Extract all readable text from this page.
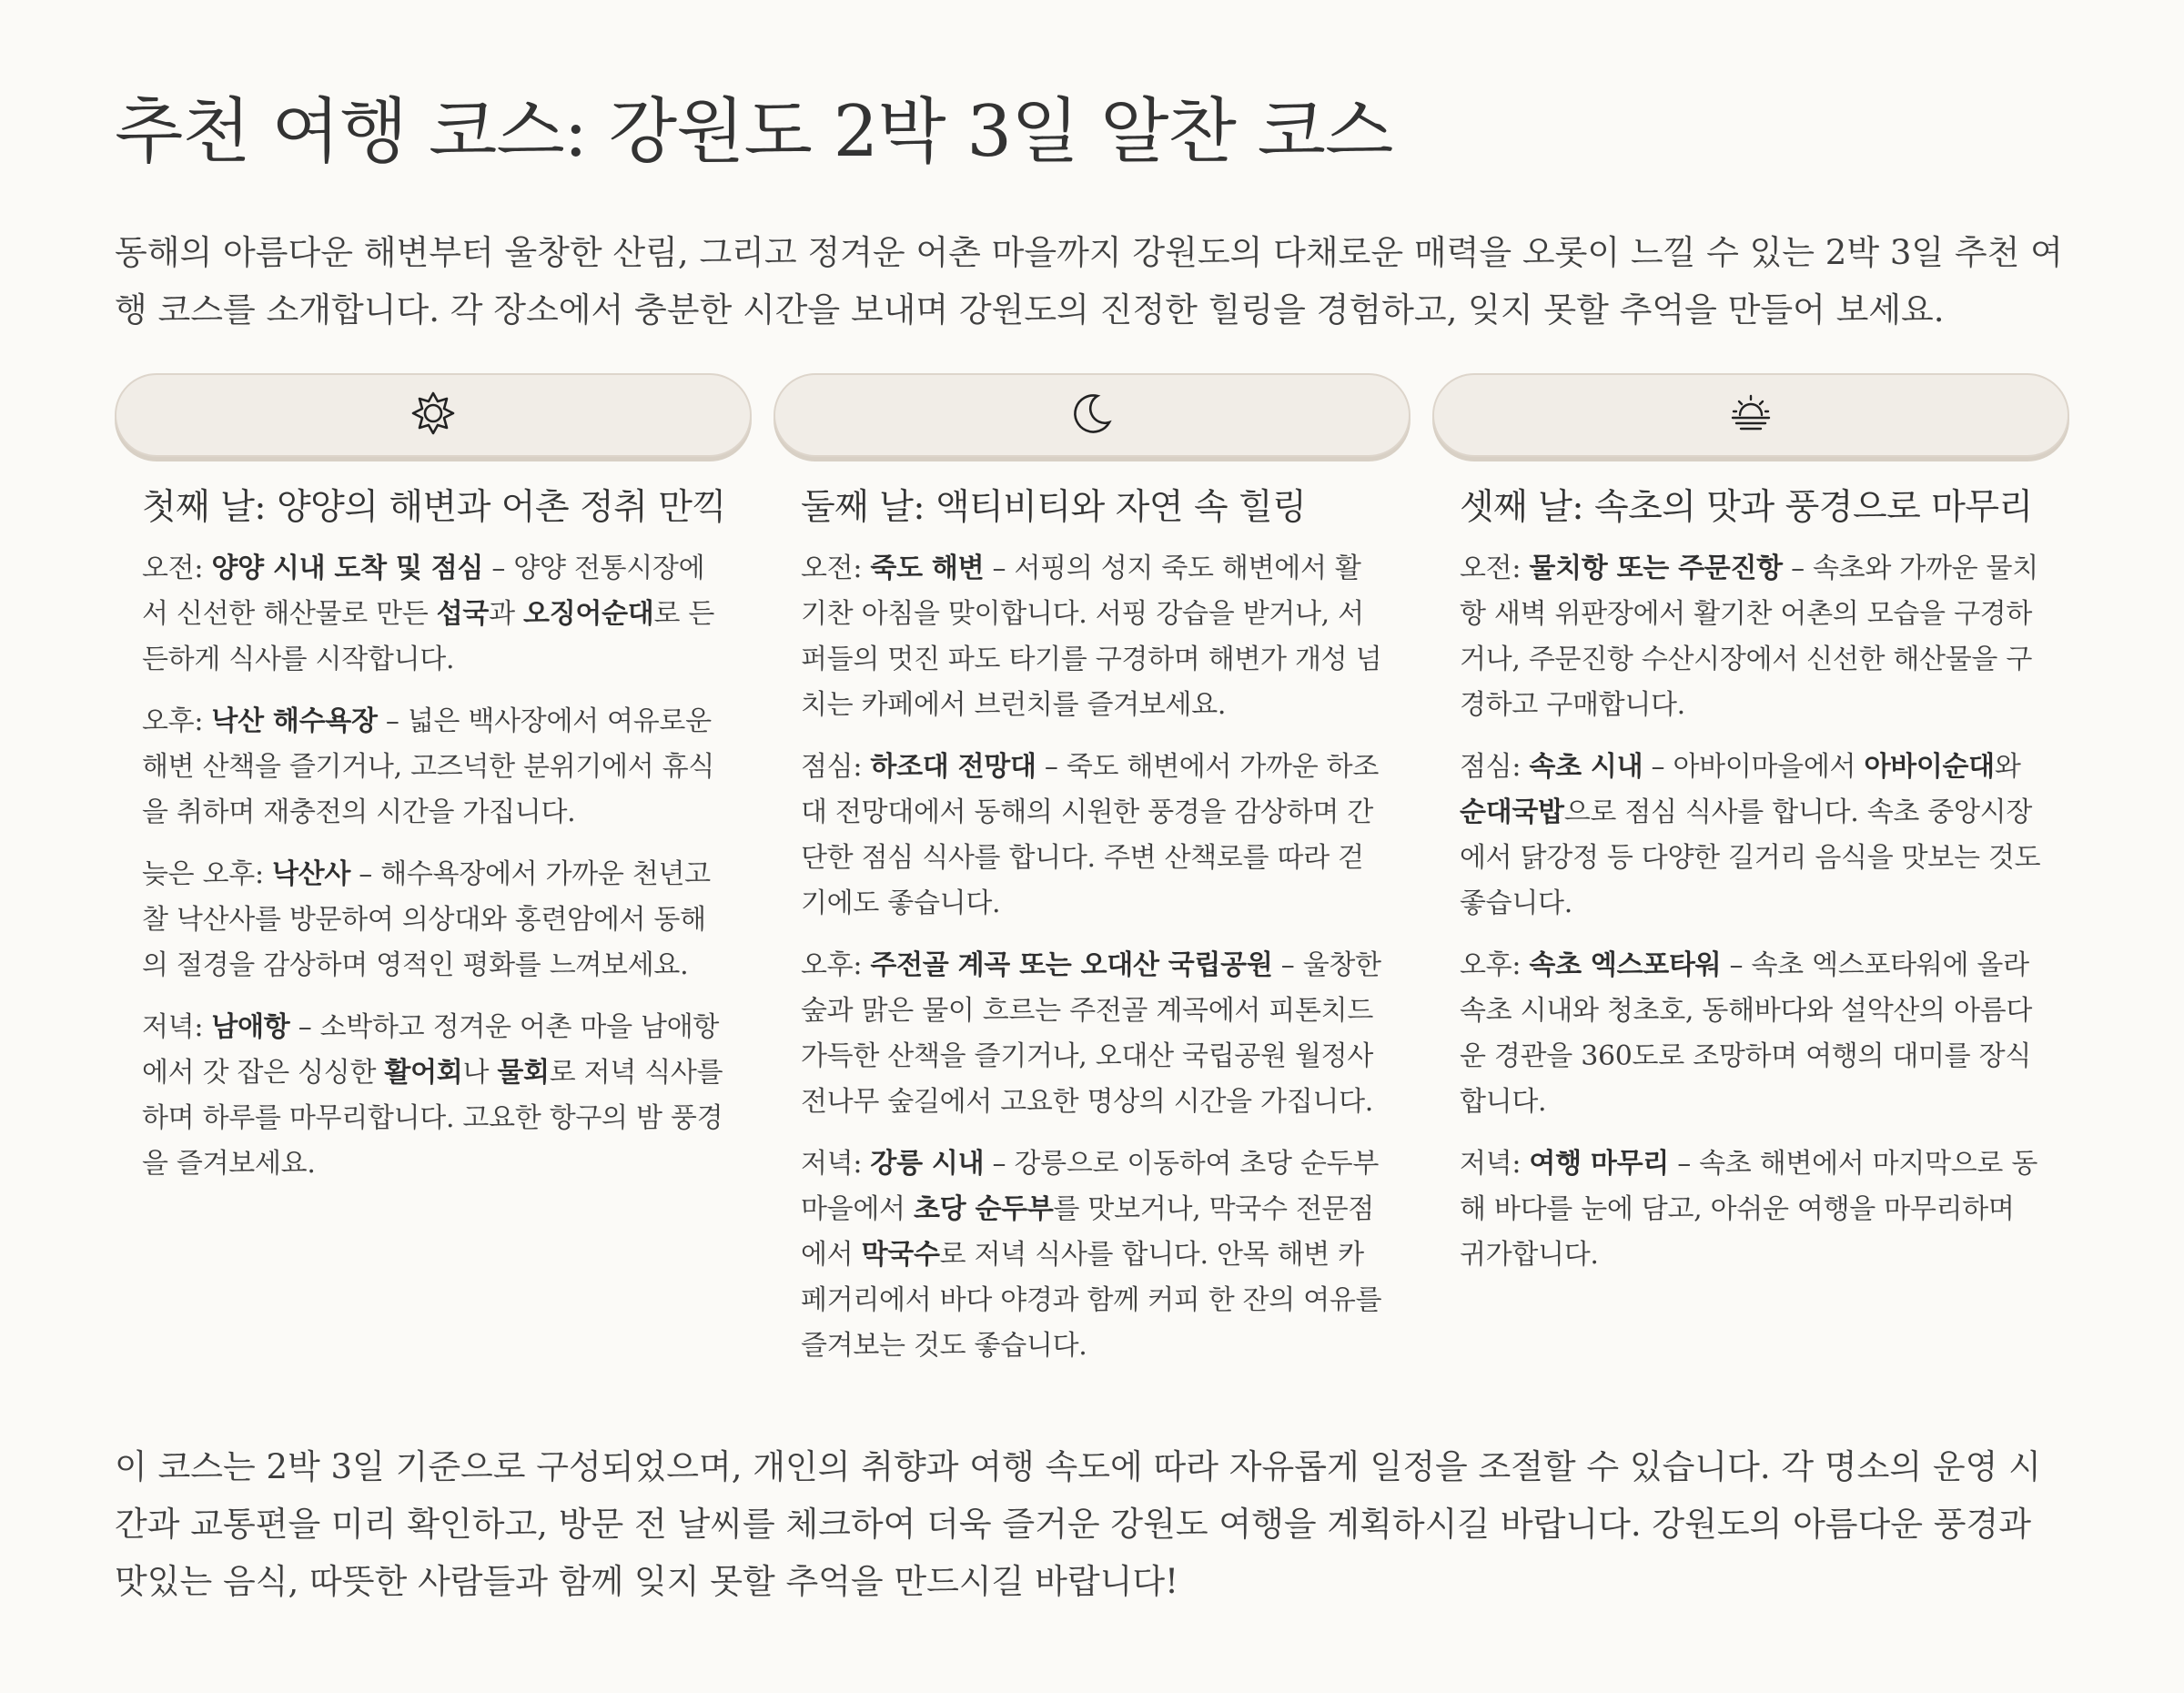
추천 여행 코스: 강원도 2박 3일 알찬 코스

동해의 아름다운 해변부터 울창한 산림, 그리고 정겨운 어촌 마을까지 강원도의 다채로운 매력을 오롯이 느낄 수 있는 2박 3일 추천 여행 코스를 소개합니다. 각 장소에서 충분한 시간을 보내며 강원도의 진정한 힐링을 경험하고, 잊지 못할 추억을 만들어 보세요.

첫째 날: 양양의 해변과 어촌 정취 만끽

오전: 양양 시내 도착 및 점심 – 양양 전통시장에서 신선한 해산물로 만든 섭국과 오징어순대로 든든하게 식사를 시작합니다.

오후: 낙산 해수욕장 – 넓은 백사장에서 여유로운 해변 산책을 즐기거나, 고즈넉한 분위기에서 휴식을 취하며 재충전의 시간을 가집니다.

늦은 오후: 낙산사 – 해수욕장에서 가까운 천년고찰 낙산사를 방문하여 의상대와 홍련암에서 동해의 절경을 감상하며 영적인 평화를 느껴보세요.

저녁: 남애항 – 소박하고 정겨운 어촌 마을 남애항에서 갓 잡은 싱싱한 활어회나 물회로 저녁 식사를 하며 하루를 마무리합니다. 고요한 항구의 밤 풍경을 즐겨보세요.

둘째 날: 액티비티와 자연 속 힐링

오전: 죽도 해변 – 서핑의 성지 죽도 해변에서 활기찬 아침을 맞이합니다. 서핑 강습을 받거나, 서퍼들의 멋진 파도 타기를 구경하며 해변가 개성 넘치는 카페에서 브런치를 즐겨보세요.

점심: 하조대 전망대 – 죽도 해변에서 가까운 하조대 전망대에서 동해의 시원한 풍경을 감상하며 간단한 점심 식사를 합니다. 주변 산책로를 따라 걷기에도 좋습니다.

오후: 주전골 계곡 또는 오대산 국립공원 – 울창한 숲과 맑은 물이 흐르는 주전골 계곡에서 피톤치드 가득한 산책을 즐기거나, 오대산 국립공원 월정사 전나무 숲길에서 고요한 명상의 시간을 가집니다.

저녁: 강릉 시내 – 강릉으로 이동하여 초당 순두부 마을에서 초당 순두부를 맛보거나, 막국수 전문점에서 막국수로 저녁 식사를 합니다. 안목 해변 카페거리에서 바다 야경과 함께 커피 한 잔의 여유를 즐겨보는 것도 좋습니다.

셋째 날: 속초의 맛과 풍경으로 마무리

오전: 물치항 또는 주문진항 – 속초와 가까운 물치항 새벽 위판장에서 활기찬 어촌의 모습을 구경하거나, 주문진항 수산시장에서 신선한 해산물을 구경하고 구매합니다.

점심: 속초 시내 – 아바이마을에서 아바이순대와 순대국밥으로 점심 식사를 합니다. 속초 중앙시장에서 닭강정 등 다양한 길거리 음식을 맛보는 것도 좋습니다.

오후: 속초 엑스포타워 – 속초 엑스포타워에 올라 속초 시내와 청초호, 동해바다와 설악산의 아름다운 경관을 360도로 조망하며 여행의 대미를 장식합니다.

저녁: 여행 마무리 – 속초 해변에서 마지막으로 동해 바다를 눈에 담고, 아쉬운 여행을 마무리하며 귀가합니다.

이 코스는 2박 3일 기준으로 구성되었으며, 개인의 취향과 여행 속도에 따라 자유롭게 일정을 조절할 수 있습니다. 각 명소의 운영 시간과 교통편을 미리 확인하고, 방문 전 날씨를 체크하여 더욱 즐거운 강원도 여행을 계획하시길 바랍니다. 강원도의 아름다운 풍경과 맛있는 음식, 따뜻한 사람들과 함께 잊지 못할 추억을 만드시길 바랍니다!
